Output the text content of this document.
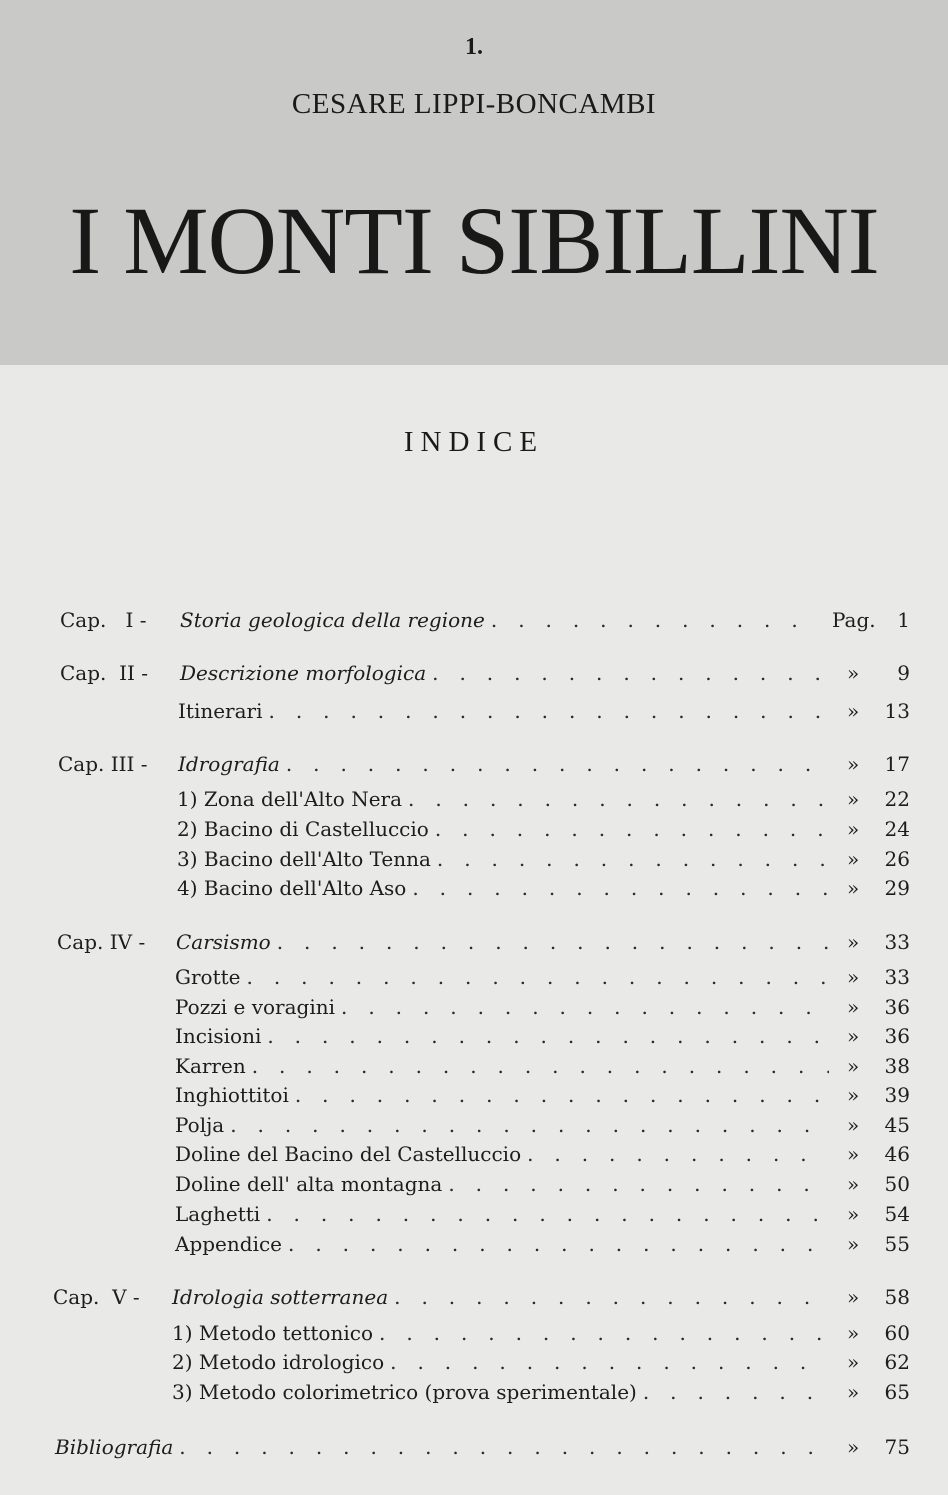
1.
CESARE LIPPI-BONCAMBI
I MONTI SIBILLINI
INDICE
Cap.   I - Storia geologica della regione . . .	Pag. 1
Cap.  II - Descrizione morfologica . . .	» 9
Itinerari . . .	» 13
Cap. III - Idrografia . . .	» 17
1) Zona dell'Alto Nera . . .	» 22
2) Bacino di Castelluccio . . .	» 24
3) Bacino dell'Alto Tenna . . .	» 26
4) Bacino dell'Alto Aso . . .	» 29
Cap. IV - Carsismo . . .	» 33
Grotte . . .	» 33
Pozzi e voragini . . .	» 36
Incisioni . . .	» 36
Karren . . .	» 38
Inghiottitoi . . .	» 39
Polja . . .	» 45
Doline del Bacino del Castelluccio . . .	» 46
Doline dell' alta montagna . . .	» 50
Laghetti . . .	» 54
Appendice . . .	» 55
Cap.  V - Idrologia sotterranea . . .	» 58
1) Metodo tettonico . . .	» 60
2) Metodo idrologico . . .	» 62
3) Metodo colorimetrico (prova sperimentale) . . .	» 65
Bibliografia . . .	» 75
